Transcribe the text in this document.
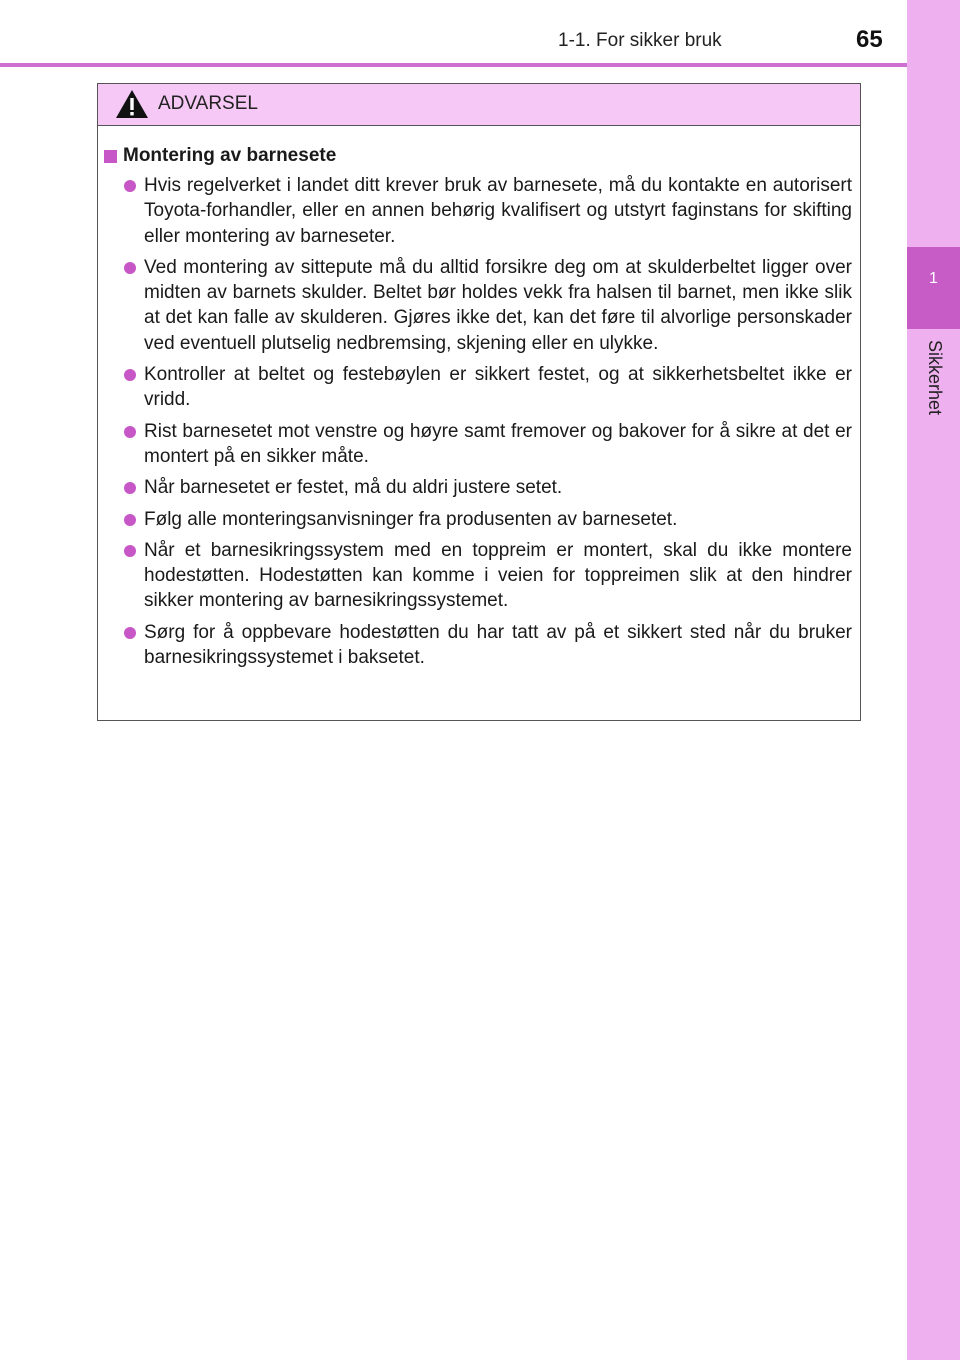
1
Sikkerhet
1-1. For sikker bruk	65
ADVARSEL
Montering av barnesete
Hvis regelverket i landet ditt krever bruk av barnesete, må du kontakte en autorisert Toyota-forhandler, eller en annen behørig kvalifisert og utstyrt faginstans for skifting eller montering av barneseter.
Ved montering av sittepute må du alltid forsikre deg om at skulderbeltet ligger over midten av barnets skulder. Beltet bør holdes vekk fra halsen til barnet, men ikke slik at det kan falle av skulderen. Gjøres ikke det, kan det føre til alvorlige personskader ved eventuell plutselig nedbremsing, skjening eller en ulykke.
Kontroller at beltet og festebøylen er sikkert festet, og at sikkerhetsbeltet ikke er vridd.
Rist barnesetet mot venstre og høyre samt fremover og bakover for å sikre at det er montert på en sikker måte.
Når barnesetet er festet, må du aldri justere setet.
Følg alle monteringsanvisninger fra produsenten av barnesetet.
Når et barnesikringssystem med en toppreim er montert, skal du ikke montere hodestøtten. Hodestøtten kan komme i veien for toppreimen slik at den hindrer sikker montering av barnesikringssystemet.
Sørg for å oppbevare hodestøtten du har tatt av på et sikkert sted når du bruker barnesikringssystemet i baksetet.
